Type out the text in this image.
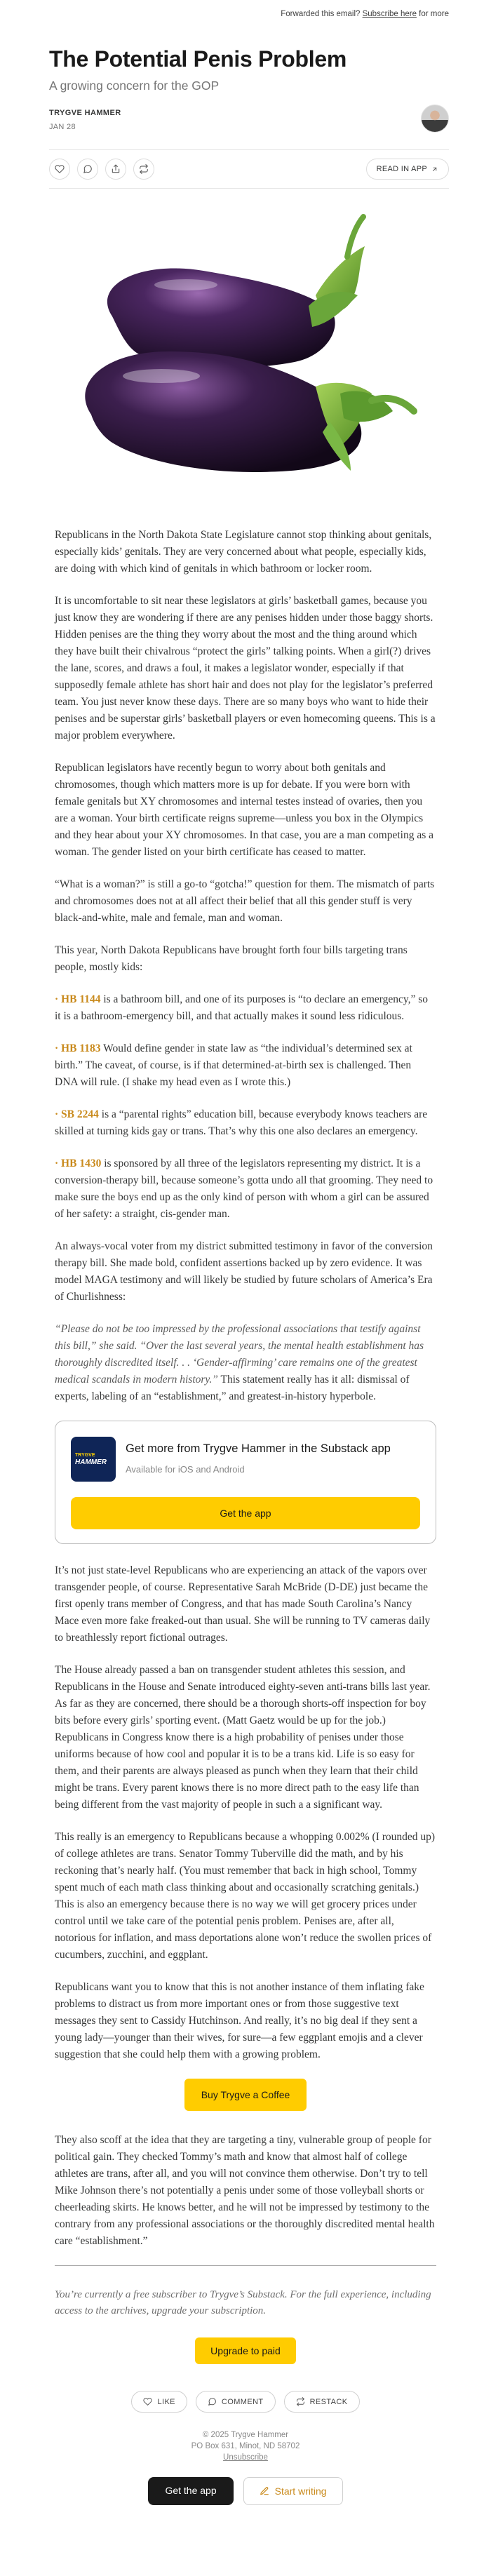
Forwarded this email? Subscribe here for more
The Potential Penis Problem
A growing concern for the GOP
TRYGVE HAMMER
JAN 28
READ IN APP

Republicans in the North Dakota State Legislature cannot stop thinking about genitals, especially kids’ genitals. They are very concerned about what people, especially kids, are doing with which kind of genitals in which bathroom or locker room.

It is uncomfortable to sit near these legislators at girls’ basketball games, because you just know they are wondering if there are any penises hidden under those baggy shorts. Hidden penises are the thing they worry about the most and the thing around which they have built their chivalrous “protect the girls” talking points. When a girl(?) drives the lane, scores, and draws a foul, it makes a legislator wonder, especially if that supposedly female athlete has short hair and does not play for the legislator’s preferred team. You just never know these days. There are so many boys who want to hide their penises and be superstar girls’ basketball players or even homecoming queens. This is a major problem everywhere.

Republican legislators have recently begun to worry about both genitals and chromosomes, though which matters more is up for debate. If you were born with female genitals but XY chromosomes and internal testes instead of ovaries, then you are a woman. Your birth certificate reigns supreme—unless you box in the Olympics and they hear about your XY chromosomes. In that case, you are a man competing as a woman. The gender listed on your birth certificate has ceased to matter.

“What is a woman?” is still a go-to “gotcha!” question for them. The mismatch of parts and chromosomes does not at all affect their belief that all this gender stuff is very black-and-white, male and female, man and woman.

This year, North Dakota Republicans have brought forth four bills targeting trans people, mostly kids:

· HB 1144 is a bathroom bill, and one of its purposes is “to declare an emergency,” so it is a bathroom-emergency bill, and that actually makes it sound less ridiculous.

· HB 1183 Would define gender in state law as “the individual’s determined sex at birth.” The caveat, of course, is if that determined-at-birth sex is challenged. Then DNA will rule. (I shake my head even as I wrote this.)

· SB 2244 is a “parental rights” education bill, because everybody knows teachers are skilled at turning kids gay or trans. That’s why this one also declares an emergency.

· HB 1430 is sponsored by all three of the legislators representing my district. It is a conversion-therapy bill, because someone’s gotta undo all that grooming. They need to make sure the boys end up as the only kind of person with whom a girl can be assured of her safety: a straight, cis-gender man.

An always-vocal voter from my district submitted testimony in favor of the conversion therapy bill. She made bold, confident assertions backed up by zero evidence. It was model MAGA testimony and will likely be studied by future scholars of America’s Era of Churlishness:

“Please do not be too impressed by the professional associations that testify against this bill,” she said. “Over the last several years, the mental health establishment has thoroughly discredited itself. . . ‘Gender-affirming’ care remains one of the greatest medical scandals in modern history.” This statement really has it all: dismissal of experts, labeling of an “establishment,” and greatest-in-history hyperbole.

TRYGVE
HAMMER
Get more from Trygve Hammer in the Substack app
Available for iOS and Android
Get the app

It’s not just state-level Republicans who are experiencing an attack of the vapors over transgender people, of course. Representative Sarah McBride (D-DE) just became the first openly trans member of Congress, and that has made South Carolina’s Nancy Mace even more fake freaked-out than usual. She will be running to TV cameras daily to breathlessly report fictional outrages.

The House already passed a ban on transgender student athletes this session, and Republicans in the House and Senate introduced eighty-seven anti-trans bills last year. As far as they are concerned, there should be a thorough shorts-off inspection for boy bits before every girls’ sporting event. (Matt Gaetz would be up for the job.) Republicans in Congress know there is a high probability of penises under those uniforms because of how cool and popular it is to be a trans kid. Life is so easy for them, and their parents are always pleased as punch when they learn that their child might be trans. Every parent knows there is no more direct path to the easy life than being different from the vast majority of people in such a a significant way.

This really is an emergency to Republicans because a whopping 0.002% (I rounded up) of college athletes are trans. Senator Tommy Tuberville did the math, and by his reckoning that’s nearly half. (You must remember that back in high school, Tommy spent much of each math class thinking about and occasionally scratching genitals.) This is also an emergency because there is no way we will get grocery prices under control until we take care of the potential penis problem. Penises are, after all, notorious for inflation, and mass deportations alone won’t reduce the swollen prices of cucumbers, zucchini, and eggplant.

Republicans want you to know that this is not another instance of them inflating fake problems to distract us from more important ones or from those suggestive text messages they sent to Cassidy Hutchinson. And really, it’s no big deal if they sent a young lady—younger than their wives, for sure—a few eggplant emojis and a clever suggestion that she could help them with a growing problem.

Buy Trygve a Coffee

They also scoff at the idea that they are targeting a tiny, vulnerable group of people for political gain. They checked Tommy’s math and know that almost half of college athletes are trans, after all, and you will not convince them otherwise. Don’t try to tell Mike Johnson there’s not potentially a penis under some of those volleyball shorts or cheerleading skirts. He knows better, and he will not be impressed by testimony to the contrary from any professional associations or the thoroughly discredited mental health care “establishment.”

You’re currently a free subscriber to Trygve’s Substack. For the full experience, including access to the archives, upgrade your subscription.

Upgrade to paid
LIKE	COMMENT	RESTACK
© 2025 Trygve Hammer
PO Box 631, Minot, ND 58702
Unsubscribe
Get the app	Start writing
